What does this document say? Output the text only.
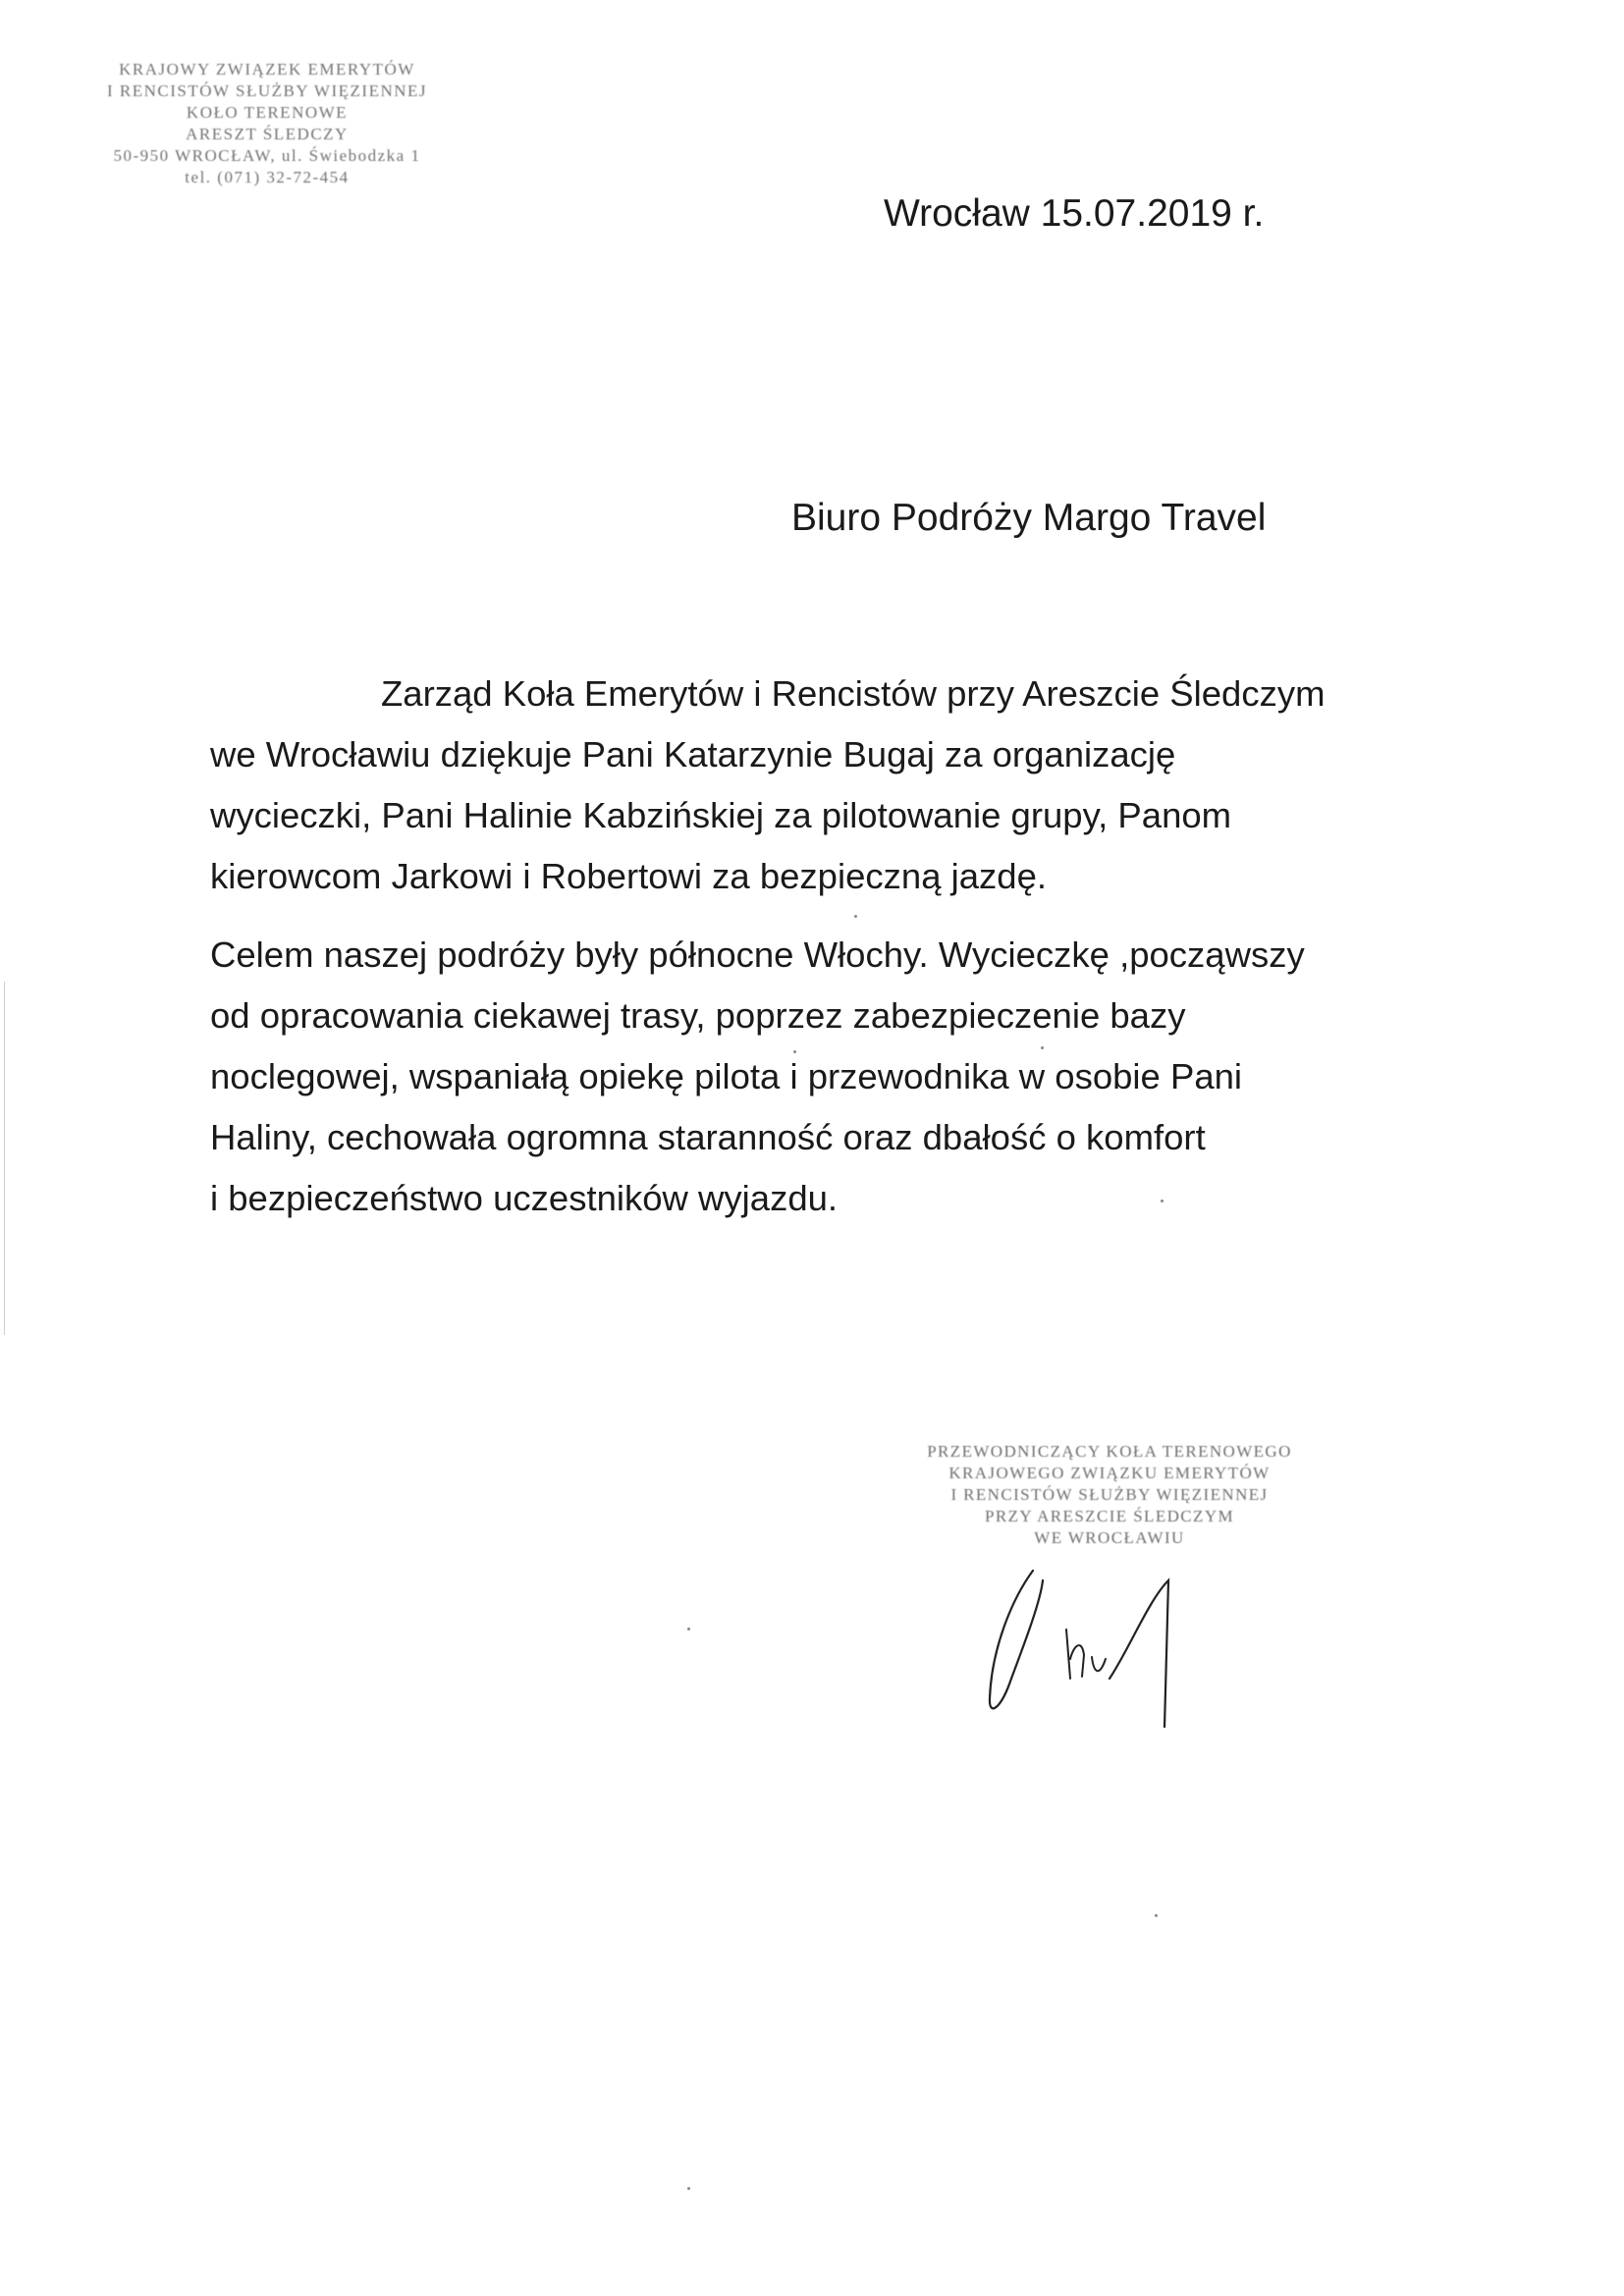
KRAJOWY ZWIĄZEK EMERYTÓW
I RENCISTÓW SŁUŻBY WIĘZIENNEJ
KOŁO TERENOWE
ARESZT ŚLEDCZY
50-950 WROCŁAW, ul. Świebodzka 1
tel. (071) 32-72-454
Wrocław 15.07.2019 r.
Biuro Podróży Margo Travel
Zarząd Koła Emerytów i Rencistów przy Areszcie Śledczym
we Wrocławiu dziękuje Pani Katarzynie Bugaj za organizację
wycieczki, Pani Halinie Kabzińskiej za pilotowanie grupy, Panom
kierowcom Jarkowi i Robertowi za bezpieczną jazdę.
Celem naszej podróży były północne Włochy. Wycieczkę ,począwszy
od opracowania ciekawej trasy, poprzez zabezpieczenie bazy
noclegowej, wspaniałą opiekę pilota i przewodnika w osobie Pani
Haliny, cechowała ogromna staranność oraz dbałość o komfort
i bezpieczeństwo uczestników wyjazdu.
PRZEWODNICZĄCY KOŁA TERENOWEGO
KRAJOWEGO ZWIĄZKU EMERYTÓW
I RENCISTÓW SŁUŻBY WIĘZIENNEJ
PRZY ARESZCIE ŚLEDCZYM
WE WROCŁAWIU
